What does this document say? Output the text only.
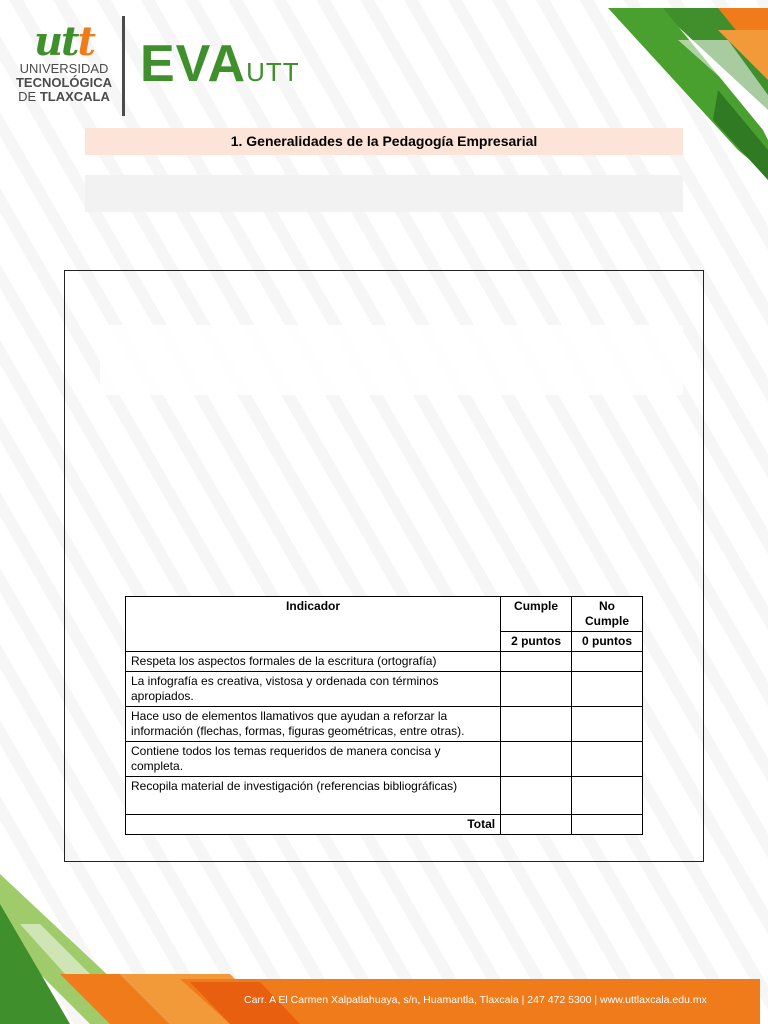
utt
UNIVERSIDAD
TECNOLÓGICA
DE TLAXCALA
EVAUTT
1. Generalidades de la Pedagogía Empresarial
Indicador	Cumple	No Cumple
	2 puntos	0 puntos
Respeta los aspectos formales de la escritura (ortografía)		
La infografía es creativa, vistosa y ordenada con términos apropiados.		
Hace uso de elementos llamativos que ayudan a reforzar la información (flechas, formas, figuras geométricas, entre otras).		
Contiene todos los temas requeridos de manera concisa y completa.		
Recopila material de investigación (referencias bibliográficas)		
Total		
Carr. A El Carmen Xalpatlahuaya, s/n, Huamantla, Tlaxcala | 247 472 5300 | www.uttlaxcala.edu.mx
